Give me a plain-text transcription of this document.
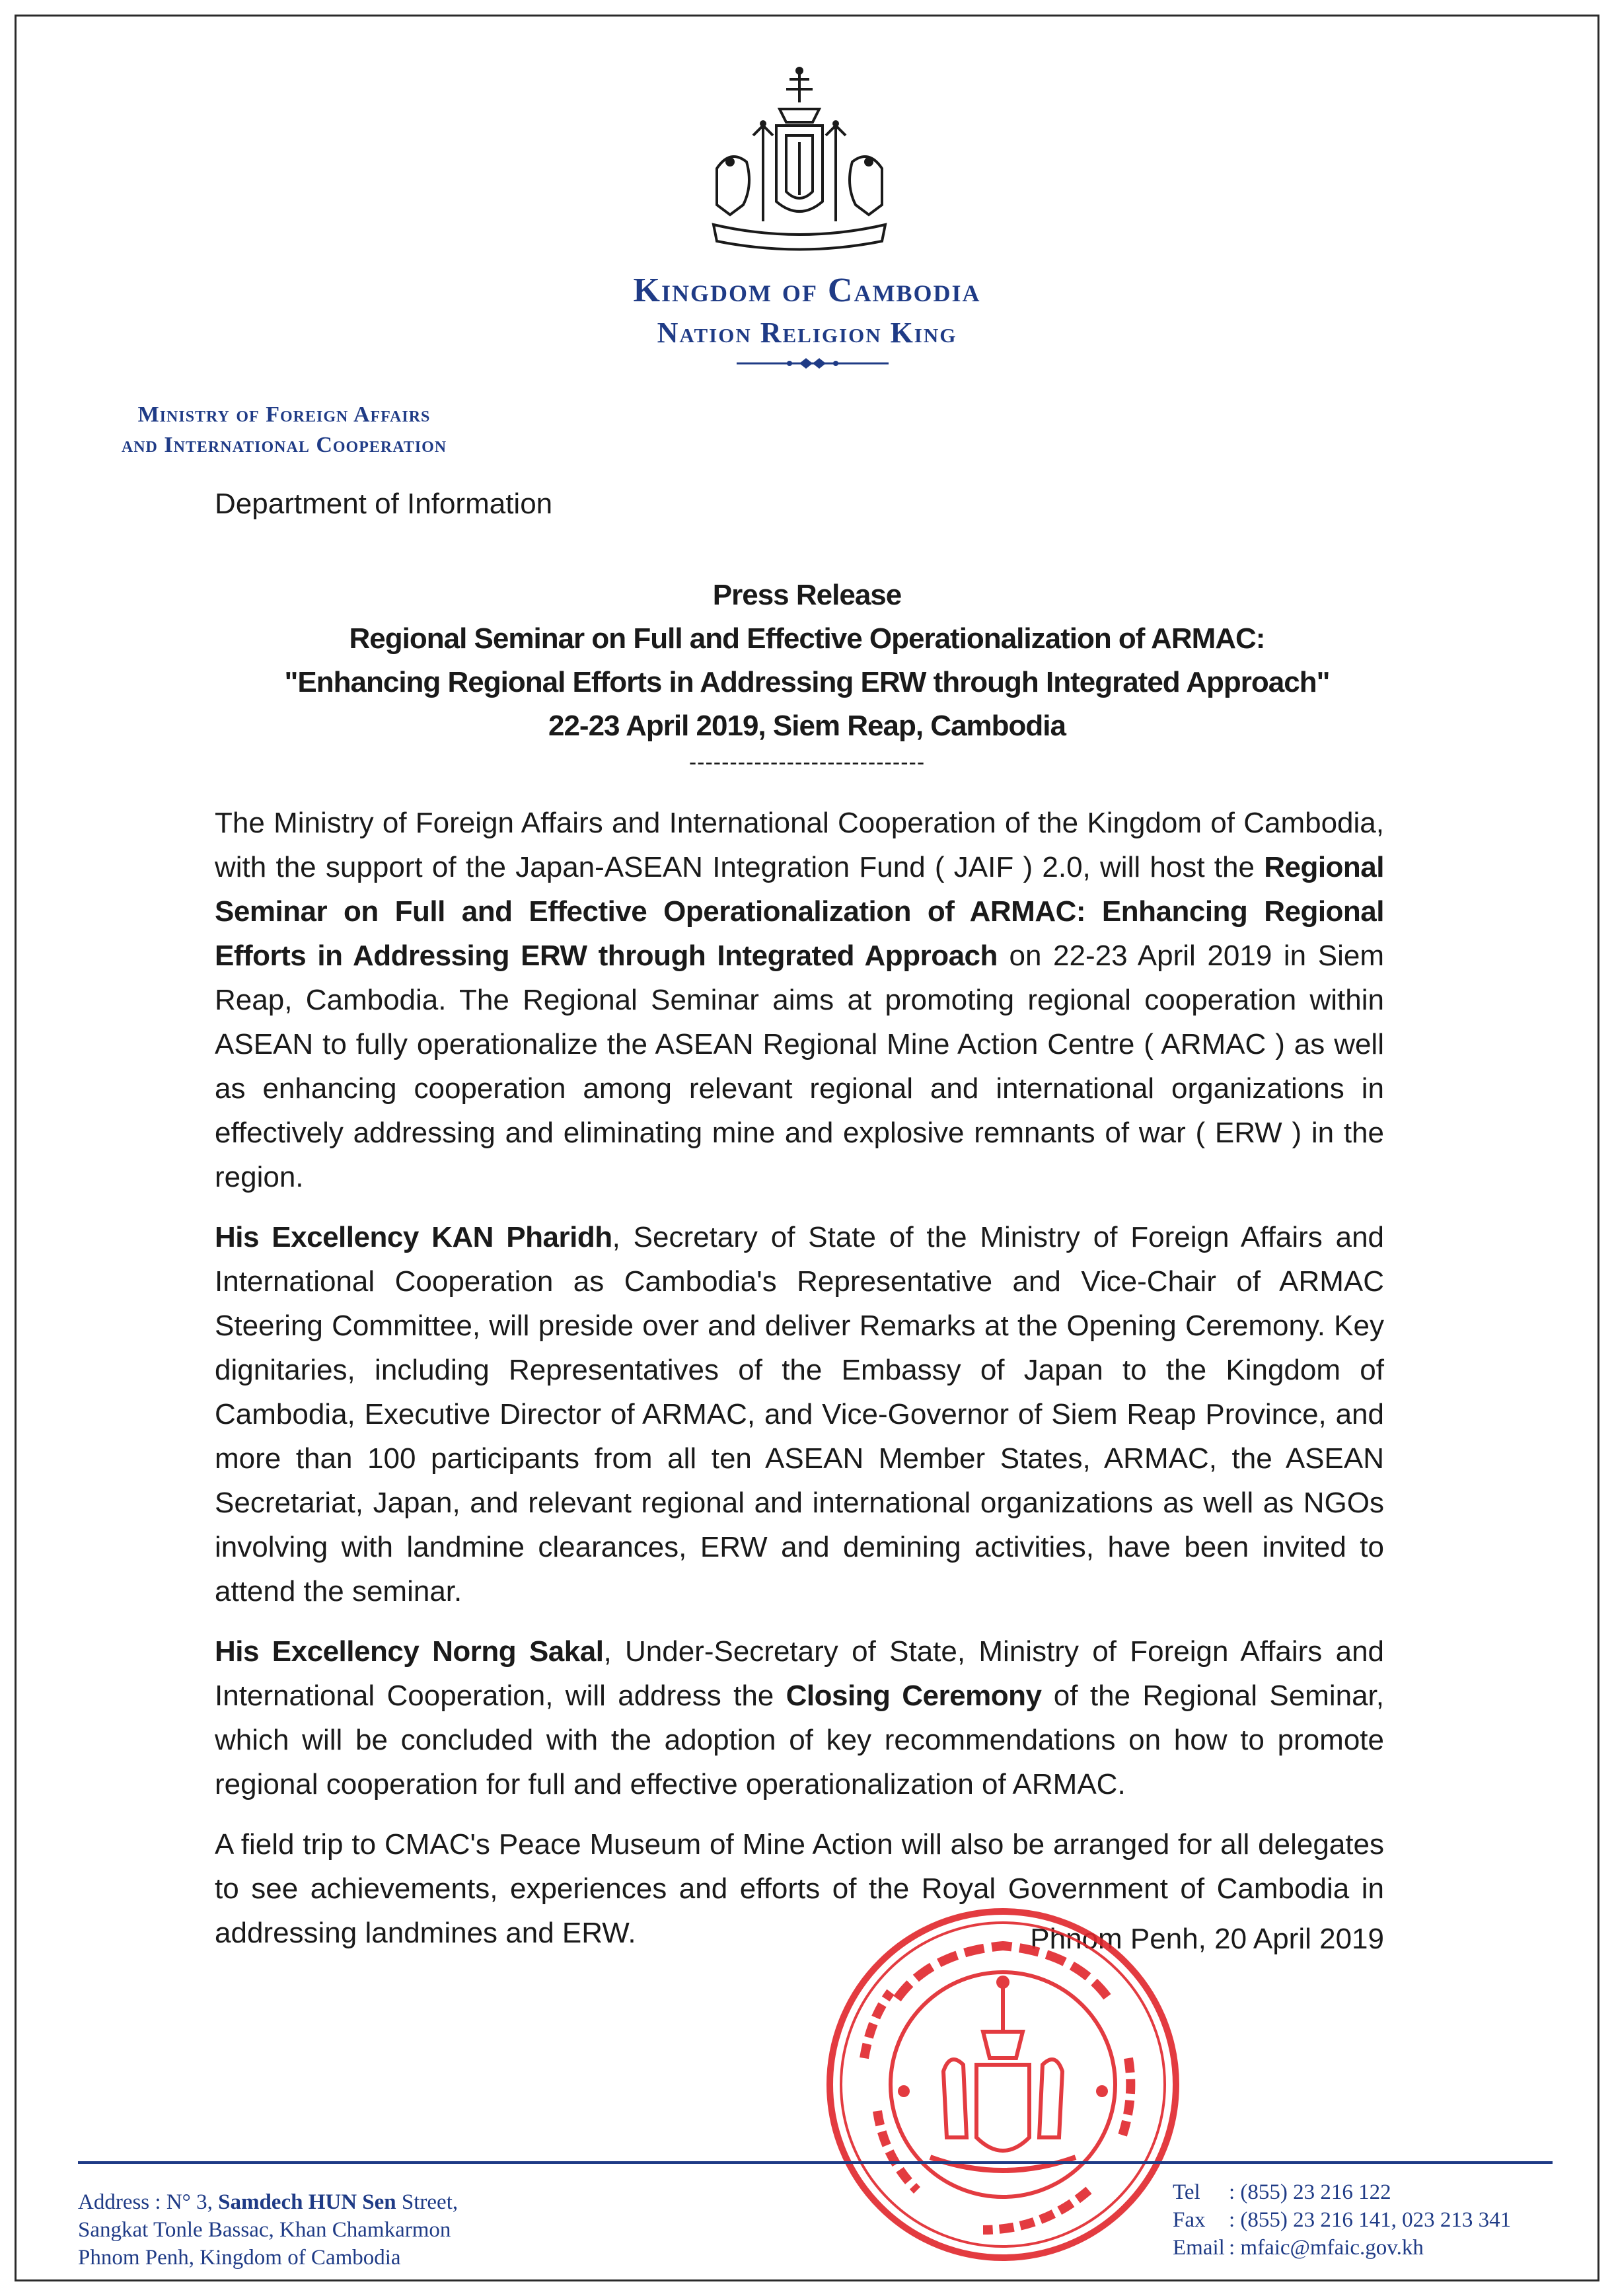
Kingdom of Cambodia
Nation Religion King
Ministry of Foreign Affairs
and International Cooperation
Department of Information
Press Release
Regional Seminar on Full and Effective Operationalization of ARMAC:
"Enhancing Regional Efforts in Addressing ERW through Integrated Approach"
22-23 April 2019, Siem Reap, Cambodia
-----------------------------

The Ministry of Foreign Affairs and International Cooperation of the Kingdom of Cambodia, with the support of the Japan-ASEAN Integration Fund ( JAIF ) 2.0, will host the Regional Seminar on Full and Effective Operationalization of ARMAC: Enhancing Regional Efforts in Addressing ERW through Integrated Approach on 22-23 April 2019 in Siem Reap, Cambodia. The Regional Seminar aims at promoting regional cooperation within ASEAN to fully operationalize the ASEAN Regional Mine Action Centre ( ARMAC ) as well as enhancing cooperation among relevant regional and international organizations in effectively addressing and eliminating mine and explosive remnants of war ( ERW ) in the region.

His Excellency KAN Pharidh, Secretary of State of the Ministry of Foreign Affairs and International Cooperation as Cambodia's Representative and Vice-Chair of ARMAC Steering Committee, will preside over and deliver Remarks at the Opening Ceremony. Key dignitaries, including Representatives of the Embassy of Japan to the Kingdom of Cambodia, Executive Director of ARMAC, and Vice-Governor of Siem Reap Province, and more than 100 participants from all ten ASEAN Member States, ARMAC, the ASEAN Secretariat, Japan, and relevant regional and international organizations as well as NGOs involving with landmine clearances, ERW and demining activities, have been invited to attend the seminar.

His Excellency Norng Sakal, Under-Secretary of State, Ministry of Foreign Affairs and International Cooperation, will address the Closing Ceremony of the Regional Seminar, which will be concluded with the adoption of key recommendations on how to promote regional cooperation for full and effective operationalization of ARMAC.

A field trip to CMAC's Peace Museum of Mine Action will also be arranged for all delegates to see achievements, experiences and efforts of the Royal Government of Cambodia in addressing landmines and ERW.	Phnom Penh, 20 April 2019
Address : N° 3, Samdech HUN Sen Street,
Sangkat Tonle Bassac, Khan Chamkarmon
Phnom Penh, Kingdom of Cambodia
Tel : (855) 23 216 122
Fax : (855) 23 216 141, 023 213 341
Email : mfaic@mfaic.gov.kh
